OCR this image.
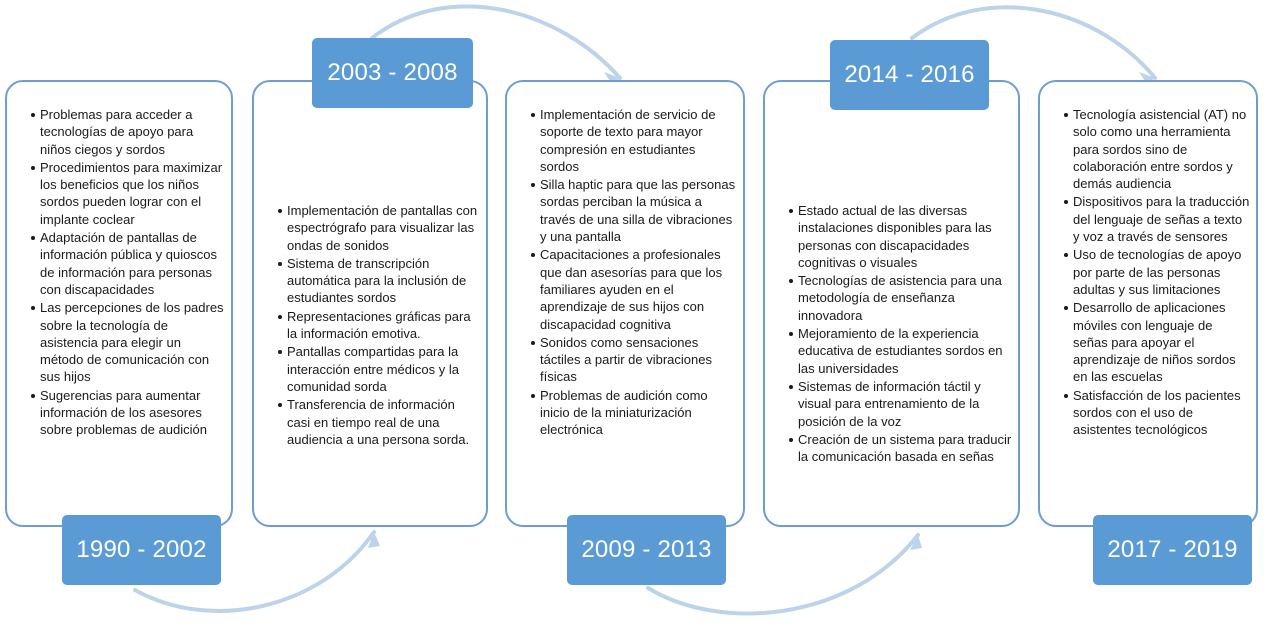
Problemas para acceder a tecnologías de apoyo para niños ciegos y sordos
Procedimientos para maximizar los beneficios que los niños sordos pueden lograr con el implante coclear
Adaptación de pantallas de información pública y quioscos de información para personas con discapacidades
Las percepciones de los padres sobre la tecnología de asistencia para elegir un método de comunicación con sus hijos
Sugerencias para aumentar información de los asesores sobre problemas de audición
1990 - 2002
Implementación de pantallas con espectrógrafo para visualizar las ondas de sonidos
Sistema de transcripción automática para la inclusión de estudiantes sordos
Representaciones gráficas para la información emotiva.
Pantallas compartidas para la interacción entre médicos y la comunidad sorda
Transferencia de información casi en tiempo real de una audiencia a una persona sorda.
2003 - 2008
Implementación de servicio de soporte de texto para mayor compresión en estudiantes sordos
Silla haptic para que las personas sordas perciban la música a través de una silla de vibraciones y una pantalla
Capacitaciones a profesionales que dan asesorías para que los familiares ayuden en el aprendizaje de sus hijos con discapacidad cognitiva
Sonidos como sensaciones táctiles a partir de vibraciones físicas
Problemas de audición como inicio de la miniaturización electrónica
2009 - 2013
Estado actual de las diversas instalaciones disponibles para las personas con discapacidades cognitivas o visuales
Tecnologías de asistencia para una metodología de enseñanza innovadora
Mejoramiento de la experiencia educativa de estudiantes sordos en las universidades
Sistemas de información táctil y visual para entrenamiento de la posición de la voz
Creación de un sistema para traducir la comunicación basada en señas
2014 - 2016
Tecnología asistencial (AT) no solo como una herramienta para sordos sino de colaboración entre sordos y demás audiencia
Dispositivos para la traducción del lenguaje de señas a texto y voz a través de sensores
Uso de tecnologías de apoyo por parte de las personas adultas y sus limitaciones
Desarrollo de aplicaciones móviles con lenguaje de señas para apoyar el aprendizaje de niños sordos en las escuelas
Satisfacción de los pacientes sordos con el uso de asistentes tecnológicos
2017 - 2019
